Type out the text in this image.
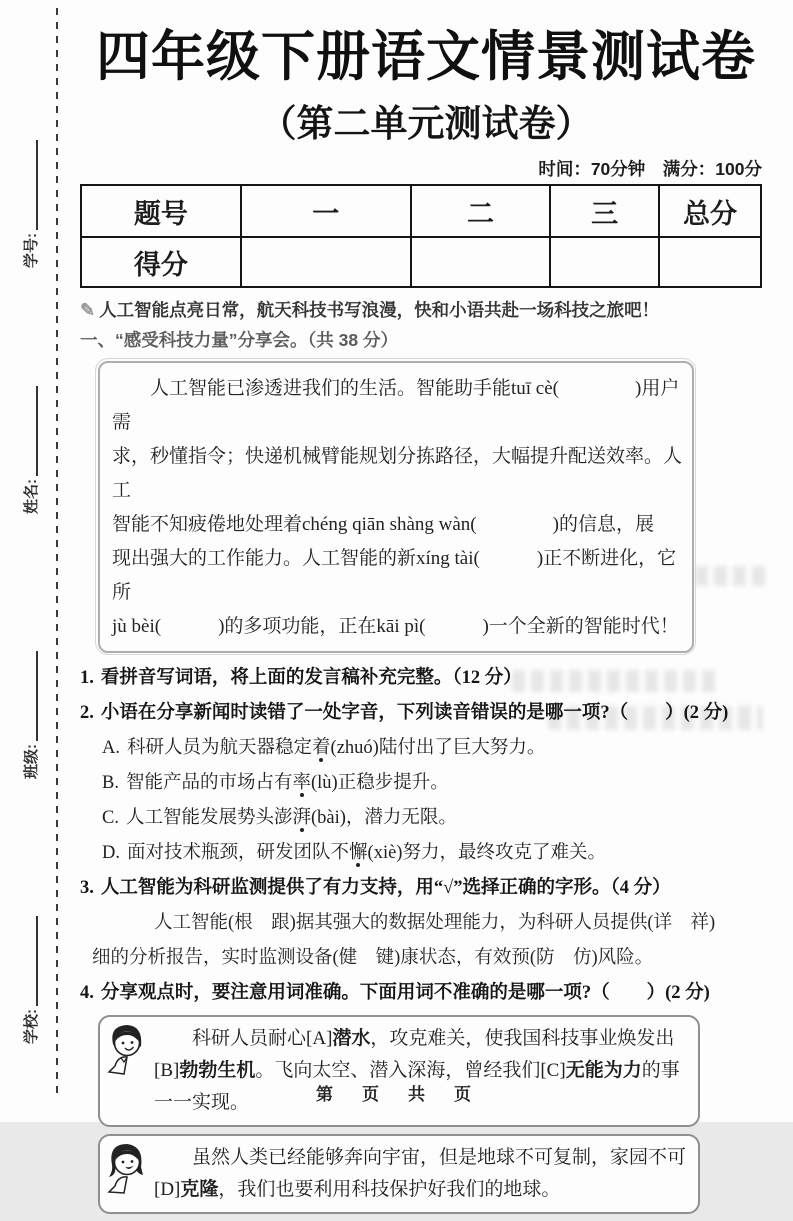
学号:
姓名:
班级:
学校:
四年级下册语文情景测试卷
（第二单元测试卷）
时间：70分钟　满分：100分
题号	一	二	三	总分
得分				
✎ 人工智能点亮日常，航天科技书写浪漫，快和小语共赴一场科技之旅吧！
一、“感受科技力量”分享会。（共 38 分）
人工智能已渗透进我们的生活。智能助手能tuī cè(　　　　)用户需
求，秒懂指令；快递机械臂能规划分拣路径，大幅提升配送效率。人工
智能不知疲倦地处理着chéng qiān shàng wàn(　　　　)的信息，展
现出强大的工作能力。人工智能的新xíng tài(　　　)正不断进化，它所
jù bèi(　　　)的多项功能，正在kāi pì(　　　)一个全新的智能时代！

1. 看拼音写词语，将上面的发言稿补充完整。（12 分）

2. 小语在分享新闻时读错了一处字音，下列读音错误的是哪一项?（　　）(2 分)

A. 科研人员为航天器稳定着(zhuó)陆付出了巨大努力。
B. 智能产品的市场占有率(lù)正稳步提升。
C. 人工智能发展势头澎湃(bài)，潜力无限。
D. 面对技术瓶颈，研发团队不懈(xiè)努力，最终攻克了难关。

3. 人工智能为科研监测提供了有力支持，用“√”选择正确的字形。（4 分）

人工智能(根　跟)据其强大的数据处理能力，为科研人员提供(详　祥)
细的分析报告，实时监测设备(健　键)康状态，有效预(防　仿)风险。

4. 分享观点时，要注意用词准确。下面用词不准确的是哪一项?（　　）(2 分)

科研人员耐心[A]潜水，攻克难关，使我国科技事业焕发出[B]勃勃生机。飞向太空、潜入深海，曾经我们[C]无能为力的事一一实现。

虽然人类已经能够奔向宇宙，但是地球不可复制，家园不可[D]克隆，我们也要利用科技保护好我们的地球。

第　页　共　页
